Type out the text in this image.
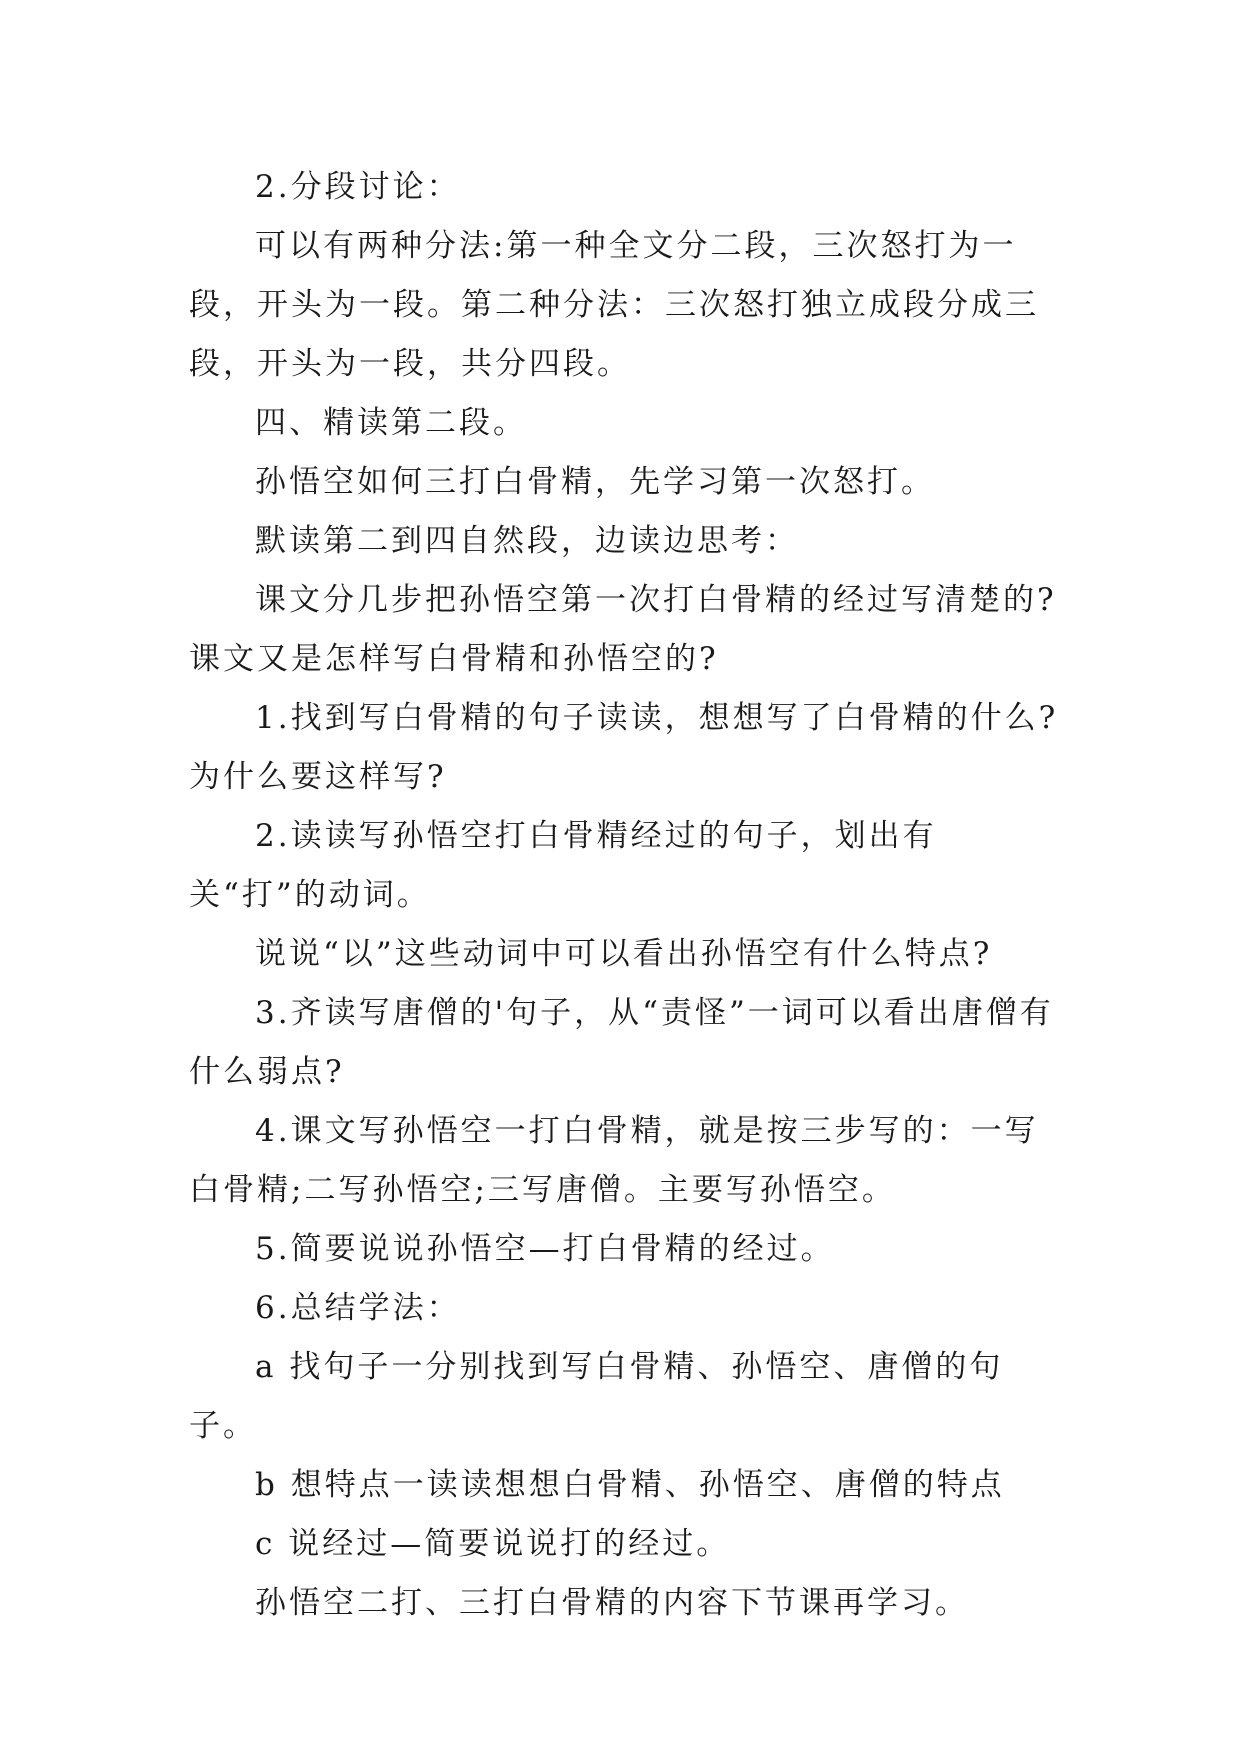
2.分段讨论：

可以有两种分法:第一种全文分二段，三次怒打为一段，开头为一段。第二种分法：三次怒打独立成段分成三段，开头为一段，共分四段。

四、精读第二段。

孙悟空如何三打白骨精，先学习第一次怒打。

默读第二到四自然段，边读边思考：

课文分几步把孙悟空第一次打白骨精的经过写清楚的?课文又是怎样写白骨精和孙悟空的?

1.找到写白骨精的句子读读，想想写了白骨精的什么?为什么要这样写?

2.读读写孙悟空打白骨精经过的句子，划出有关“打”的动词。

说说“以”这些动词中可以看出孙悟空有什么特点?

3.齐读写唐僧的'句子，从“责怪”一词可以看出唐僧有什么弱点?

4.课文写孙悟空一打白骨精，就是按三步写的：一写白骨精;二写孙悟空;三写唐僧。主要写孙悟空。

5.简要说说孙悟空—打白骨精的经过。

6.总结学法：

a 找句子一分别找到写白骨精、孙悟空、唐僧的句子。

b 想特点一读读想想白骨精、孙悟空、唐僧的特点

c 说经过—简要说说打的经过。

孙悟空二打、三打白骨精的内容下节课再学习。
